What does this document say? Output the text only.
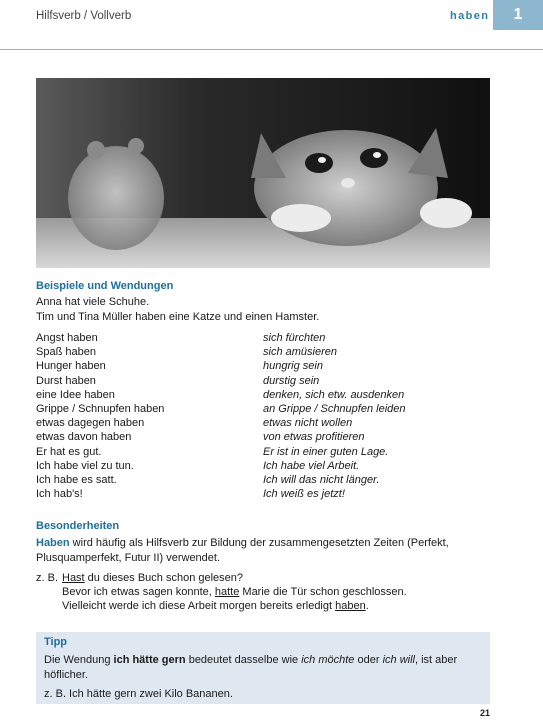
Hilfsverb / Vollverb	haben	1
Beispiele und Wendungen
Anna hat viele Schuhe.
Tim und Tina Müller haben eine Katze und einen Hamster.
Angst haben	sich fürchten
Spaß haben	sich amüsieren
Hunger haben	hungrig sein
Durst haben	durstig sein
eine Idee haben	denken, sich etw. ausdenken
Grippe / Schnupfen haben	an Grippe / Schnupfen leiden
etwas dagegen haben	etwas nicht wollen
etwas davon haben	von etwas profitieren
Er hat es gut.	Er ist in einer guten Lage.
Ich habe viel zu tun.	Ich habe viel Arbeit.
Ich habe es satt.	Ich will das nicht länger.
Ich hab's!	Ich weiß es jetzt!
Besonderheiten
Haben wird häufig als Hilfsverb zur Bildung der zusammengesetzten Zeiten (Perfekt, Plusquamperfekt, Futur II) verwendet.
z. B. Hast du dieses Buch schon gelesen?
Bevor ich etwas sagen konnte, hatte Marie die Tür schon geschlossen.
Vielleicht werde ich diese Arbeit morgen bereits erledigt haben.
Tipp
Die Wendung ich hätte gern bedeutet dasselbe wie ich möchte oder ich will, ist aber höflicher.
z. B. Ich hätte gern zwei Kilo Bananen.
21
